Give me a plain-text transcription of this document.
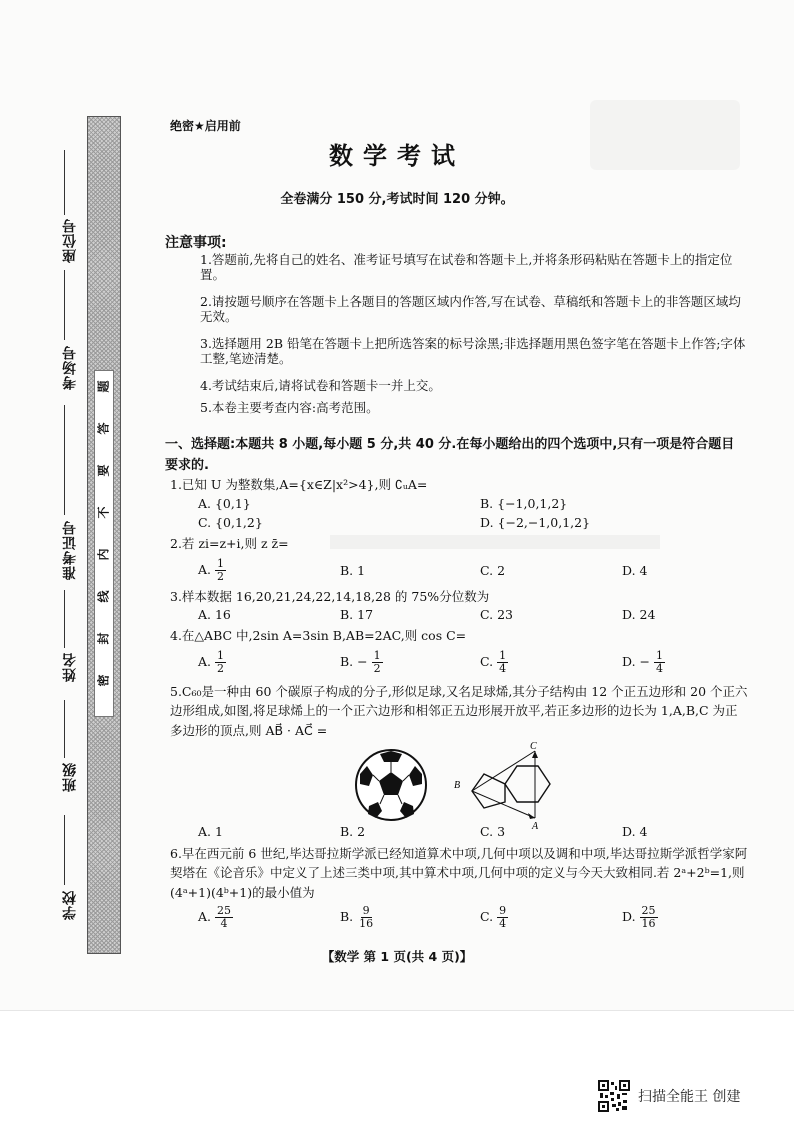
座位号
考场号
准考证号
姓名
班级
学校
题
答
要
不
内
线
封
密
绝密★启用前
数学考试
全卷满分 150 分,考试时间 120 分钟。
注意事项:
1.答题前,先将自己的姓名、准考证号填写在试卷和答题卡上,并将条形码粘贴在答题卡上的指定位置。
2.请按题号顺序在答题卡上各题目的答题区域内作答,写在试卷、草稿纸和答题卡上的非答题区域均无效。
3.选择题用 2B 铅笔在答题卡上把所选答案的标号涂黑;非选择题用黑色签字笔在答题卡上作答;字体工整,笔迹清楚。
4.考试结束后,请将试卷和答题卡一并上交。
5.本卷主要考查内容:高考范围。
一、选择题:本题共 8 小题,每小题 5 分,共 40 分.在每小题给出的四个选项中,只有一项是符合题目要求的.
1.已知 U 为整数集,A={x∈Z|x²>4},则 ∁ᵤA=
A. {0,1}	B. {−1,0,1,2}
C. {0,1,2}	D. {−2,−1,0,1,2}
2.若 zi=z+i,则 z z̄=
A. $\frac{1}{2}$	B. 1	C. 2	D. 4
3.样本数据 16,20,21,24,22,14,18,28 的 75%分位数为
A. 16	B. 17	C. 23	D. 24
4.在△ABC 中,2sin A=3sin B,AB=2AC,则 cos C=
A. $\frac{1}{2}$	B. − $\frac{1}{2}$	C. $\frac{1}{4}$	D. − $\frac{1}{4}$
5.C₆₀是一种由 60 个碳原子构成的分子,形似足球,又名足球烯,其分子结构由 12 个正五边形和 20 个正六边形组成,如图,将足球烯上的一个正六边形和相邻正五边形展开放平,若正多边形的边长为 1,A,B,C 为正多边形的顶点,则 AB⃗ · AC⃗ =
C
B
A
A. 1	B. 2	C. 3	D. 4
6.早在西元前 6 世纪,毕达哥拉斯学派已经知道算术中项,几何中项以及调和中项,毕达哥拉斯学派哲学家阿契塔在《论音乐》中定义了上述三类中项,其中算术中项,几何中项的定义与今天大致相同.若 2ᵃ+2ᵇ=1,则(4ᵃ+1)(4ᵇ+1)的最小值为
A. $\frac{25}{4}$	B. $\frac{9}{16}$	C. $\frac{9}{4}$	D. $\frac{25}{16}$
【数学 第 1 页(共 4 页)】
扫描全能王 创建
